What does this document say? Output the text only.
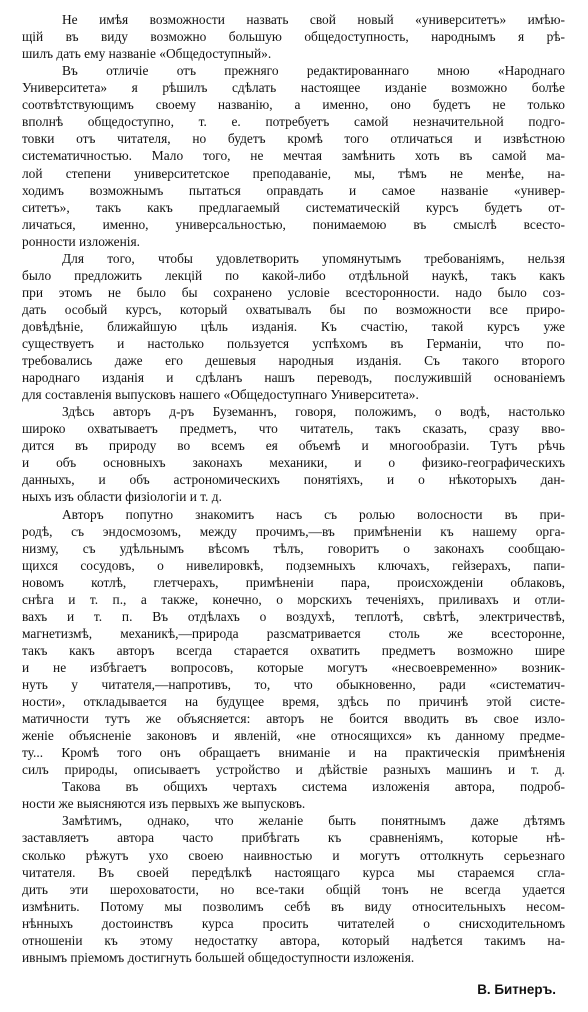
Не имѣя возможности назвать свой новый «университетъ» имѣю-
щій въ виду возможно большую общедоступность, народнымъ я рѣ-
шилъ дать ему названіе «Общедоступный».
Въ отличіе отъ прежняго редактированнаго мною «Народнаго
Университета» я рѣшилъ сдѣлать настоящее изданіе возможно болѣе
соотвѣтствующимъ своему названію, а именно, оно будетъ не только
вполнѣ общедоступно, т. е. потребуетъ самой незначительной подго-
товки отъ читателя, но будетъ кромѣ того отличаться и извѣстною
систематичностью. Мало того, не мечтая замѣнить хоть въ самой ма-
лой степени университетское преподаваніе, мы, тѣмъ не менѣе, на-
ходимъ возможнымъ пытаться оправдать и самое названіе «универ-
ситетъ», такъ какъ предлагаемый систематическій курсъ будетъ от-
личаться, именно, универсальностью, понимаемою въ смыслѣ всесто-
ронности изложенія.
Для того, чтобы удовлетворить упомянутымъ требованіямъ, нельзя
было предложить лекцій по какой-либо отдѣльной наукѣ, такъ какъ
при этомъ не было бы сохранено условіе всесторонности. надо было соз-
дать особый курсъ, который охватывалъ бы по возможности все приро-
довѣдѣніе, ближайшую цѣль изданія. Къ счастію, такой курсъ уже
существуетъ и настолько пользуется успѣхомъ въ Германіи, что по-
требовались даже его дешевыя народныя изданія. Съ такого второго
народнаго изданія и сдѣланъ нашъ переводъ, послужившій основаніемъ
для составленія выпусковъ нашего «Общедоступнаго Университета».
Здѣсь авторъ д-ръ Буземаннъ, говоря, положимъ, о водѣ, настолько
широко охватываетъ предметъ, что читатель, такъ сказать, сразу вво-
дится въ природу во всемъ ея объемѣ и многообразіи. Тутъ рѣчь
и объ основныхъ законахъ механики, и о физико-географическихъ
данныхъ, и объ астрономическихъ понятіяхъ, и о нѣкоторыхъ дан-
ныхъ изъ области физіологіи и т. д.
Авторъ попутно знакомитъ насъ съ ролью волосности въ при-
родѣ, съ эндосмозомъ, между прочимъ,—въ примѣненіи къ нашему орга-
низму, съ удѣльнымъ вѣсомъ тѣлъ, говоритъ о законахъ сообщаю-
щихся сосудовъ, о нивелировкѣ, подземныхъ ключахъ, гейзерахъ, папи-
новомъ котлѣ, глетчерахъ, примѣненіи пара, происхожденіи облаковъ,
снѣга и т. п., а также, конечно, о морскихъ теченіяхъ, приливахъ и отли-
вахъ и т. п. Въ отдѣлахъ о воздухѣ, теплотѣ, свѣтѣ, электричествѣ,
магнетизмѣ, механикѣ,—природа разсматривается столь же всесторонне,
такъ какъ авторъ всегда старается охватить предметъ возможно шире
и не избѣгаетъ вопросовъ, которые могутъ «несвоевременно» возник-
нуть у читателя,—напротивъ, то, что обыкновенно, ради «систематич-
ности», откладывается на будущее время, здѣсь по причинѣ этой систе-
матичности тутъ же объясняется: авторъ не боится вводить въ свое изло-
женіе объясненіе законовъ и явленій, «не относящихся» къ данному предме-
ту... Кромѣ того онъ обращаетъ вниманіе и на практическія примѣненія
силъ природы, описываетъ устройство и дѣйствіе разныхъ машинъ и т. д.
Такова въ общихъ чертахъ система изложенія автора, подроб-
ности же выясняются изъ первыхъ же выпусковъ.
Замѣтимъ, однако, что желаніе быть понятнымъ даже дѣтямъ
заставляетъ автора часто прибѣгать къ сравненіямъ, которые нѣ-
сколько рѣжутъ ухо своею наивностью и могутъ оттолкнуть серьезнаго
читателя. Въ своей передѣлкѣ настоящаго курса мы стараемся сгла-
дить эти шероховатости, но все-таки общій тонъ не всегда удается
измѣнить. Потому мы позволимъ себѣ въ виду относительныхъ несом-
нѣнныхъ достоинствъ курса просить читателей о снисходительномъ
отношеніи къ этому недостатку автора, который надѣется такимъ на-
ивнымъ пріемомъ достигнуть большей общедоступности изложенія.
В. Битнеръ.
